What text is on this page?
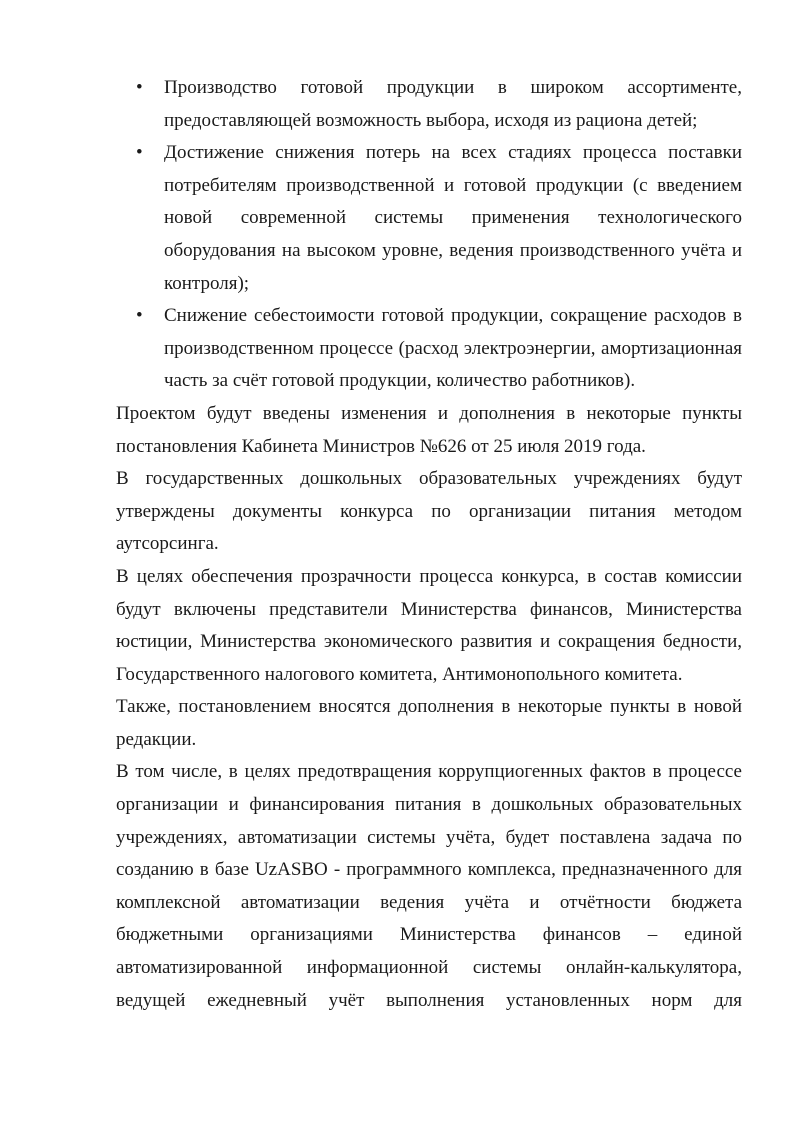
•	Производство готовой продукции в широком ассортименте, предоставляющей возможность выбора, исходя из рациона детей;
•	Достижение снижения потерь на всех стадиях процесса поставки потребителям производственной и готовой продукции (с введением новой современной системы применения технологического оборудования на высоком уровне, ведения производственного учёта и контроля);
•	Снижение себестоимости готовой продукции, сокращение расходов в производственном процессе (расход электроэнергии, амортизационная часть за счёт готовой продукции, количество работников).

Проектом будут введены изменения и дополнения в некоторые пункты постановления Кабинета Министров №626 от 25 июля 2019 года.

В государственных дошкольных образовательных учреждениях будут утверждены документы конкурса по организации питания методом аутсорсинга.

В целях обеспечения прозрачности процесса конкурса, в состав комиссии будут включены представители Министерства финансов, Министерства юстиции, Министерства экономического развития и сокращения бедности, Государственного налогового комитета, Антимонопольного комитета.

Также, постановлением вносятся дополнения в некоторые пункты в новой редакции.

В том числе, в целях предотвращения коррупциогенных фактов в процессе организации и финансирования питания в дошкольных образовательных учреждениях, автоматизации системы учёта, будет поставлена задача по созданию в базе UzASBO - программного комплекса, предназначенного для комплексной автоматизации ведения учёта и отчётности бюджета бюджетными организациями Министерства финансов – единой автоматизированной информационной системы онлайн-калькулятора, ведущей ежедневный учёт выполнения установленных норм для
